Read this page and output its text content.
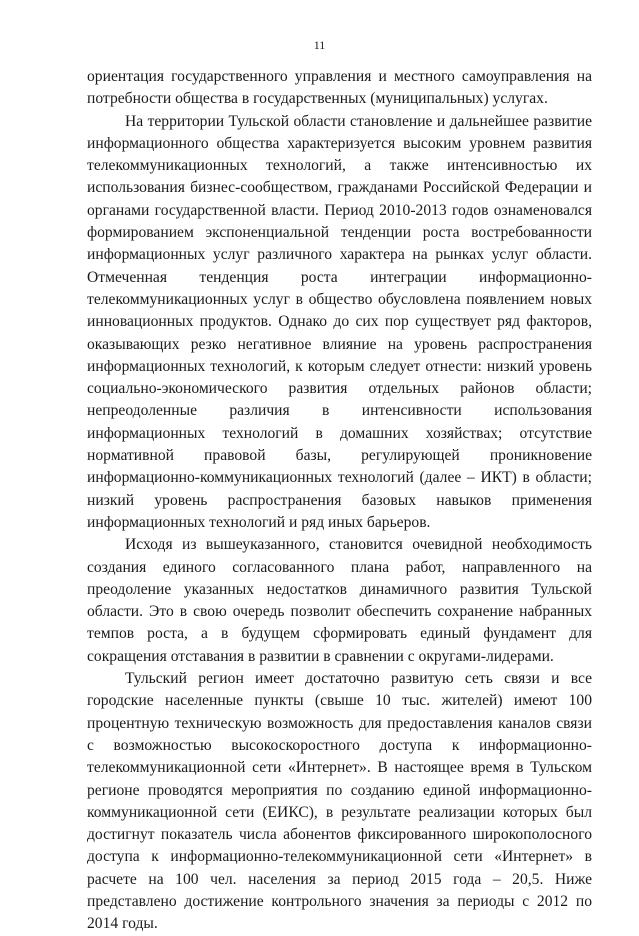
11

ориентация государственного управления и местного самоуправления на потребности общества в государственных (муниципальных) услугах.

На территории Тульской области становление и дальнейшее развитие информационного общества характеризуется высоким уровнем развития телекоммуникационных технологий, а также интенсивностью их использования бизнес-сообществом, гражданами Российской Федерации и органами государственной власти. Период 2010-2013 годов ознаменовался формированием экспоненциальной тенденции роста востребованности информационных услуг различного характера на рынках услуг области. Отмеченная тенденция роста интеграции информационно-телекоммуникационных услуг в общество обусловлена появлением новых инновационных продуктов. Однако до сих пор существует ряд факторов, оказывающих резко негативное влияние на уровень распространения информационных технологий, к которым следует отнести: низкий уровень социально-экономического развития отдельных районов области; непреодоленные различия в интенсивности использования информационных технологий в домашних хозяйствах; отсутствие нормативной правовой базы, регулирующей проникновение информационно-коммуникационных технологий (далее – ИКТ) в области; низкий уровень распространения базовых навыков применения информационных технологий и ряд иных барьеров.

Исходя из вышеуказанного, становится очевидной необходимость создания единого согласованного плана работ, направленного на преодоление указанных недостатков динамичного развития Тульской области. Это в свою очередь позволит обеспечить сохранение набранных темпов роста, а в будущем сформировать единый фундамент для сокращения отставания в развитии в сравнении с округами-лидерами.

Тульский регион имеет достаточно развитую сеть связи и все городские населенные пункты (свыше 10 тыс. жителей) имеют 100 процентную техническую возможность для предоставления каналов связи с возможностью высокоскоростного доступа к информационно-телекоммуникационной сети «Интернет». В настоящее время в Тульском регионе проводятся мероприятия по созданию единой информационно-коммуникационной сети (ЕИКС), в результате реализации которых был достигнут показатель числа абонентов фиксированного широкополосного доступа к информационно-телекоммуникационной сети «Интернет» в расчете на 100 чел. населения за период 2015 года – 20,5. Ниже представлено достижение контрольного значения за периоды с 2012 по 2014 годы.
